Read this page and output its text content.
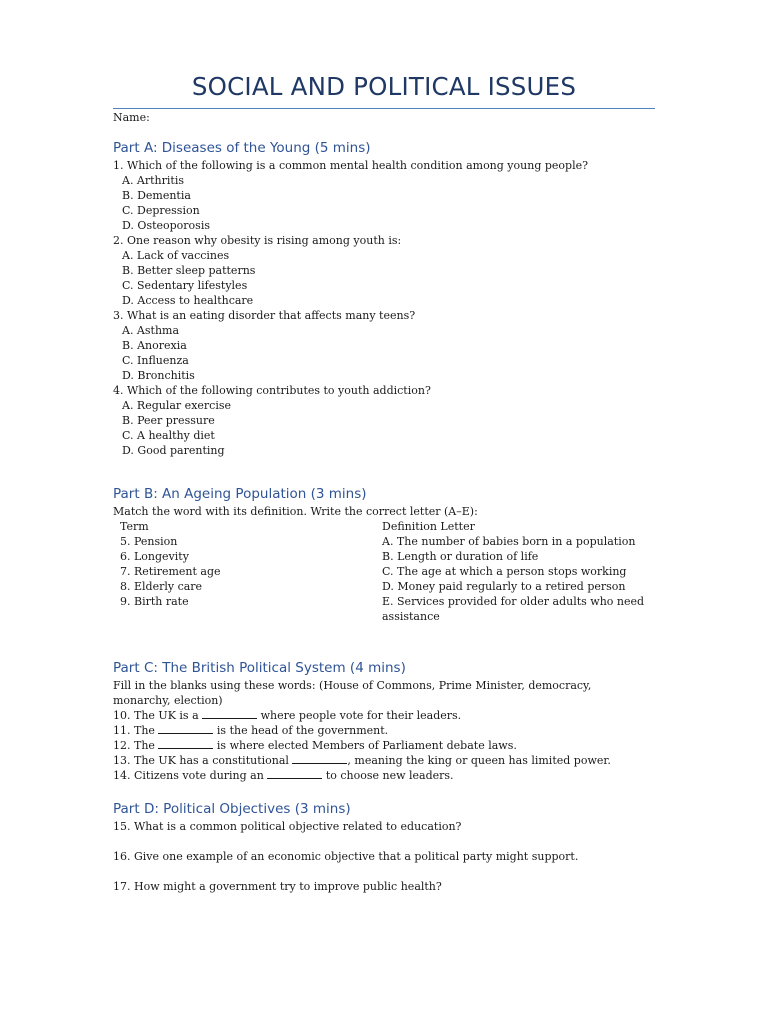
SOCIAL AND POLITICAL ISSUES
Name:
Part A: Diseases of the Young (5 mins)
1. Which of the following is a common mental health condition among young people?
A. Arthritis
B. Dementia
C. Depression
D. Osteoporosis
2. One reason why obesity is rising among youth is:
A. Lack of vaccines
B. Better sleep patterns
C. Sedentary lifestyles
D. Access to healthcare
3. What is an eating disorder that affects many teens?
A. Asthma
B. Anorexia
C. Influenza
D. Bronchitis
4. Which of the following contributes to youth addiction?
A. Regular exercise
B. Peer pressure
C. A healthy diet
D. Good parenting
Part B: An Ageing Population (3 mins)
Match the word with its definition. Write the correct letter (A–E):
Term	Definition Letter
5. Pension	A. The number of babies born in a population
6. Longevity	B. Length or duration of life
7. Retirement age	C. The age at which a person stops working
8. Elderly care	D. Money paid regularly to a retired person
9. Birth rate	E. Services provided for older adults who need assistance
Part C: The British Political System (4 mins)
Fill in the blanks using these words: (House of Commons, Prime Minister, democracy, monarchy, election)
10. The UK is a	where people vote for their leaders.
11. The	is the head of the government.
12. The	is where elected Members of Parliament debate laws.
13. The UK has a constitutional	, meaning the king or queen has limited power.
14. Citizens vote during an	to choose new leaders.
Part D: Political Objectives (3 mins)
15. What is a common political objective related to education?
16. Give one example of an economic objective that a political party might support.
17. How might a government try to improve public health?
